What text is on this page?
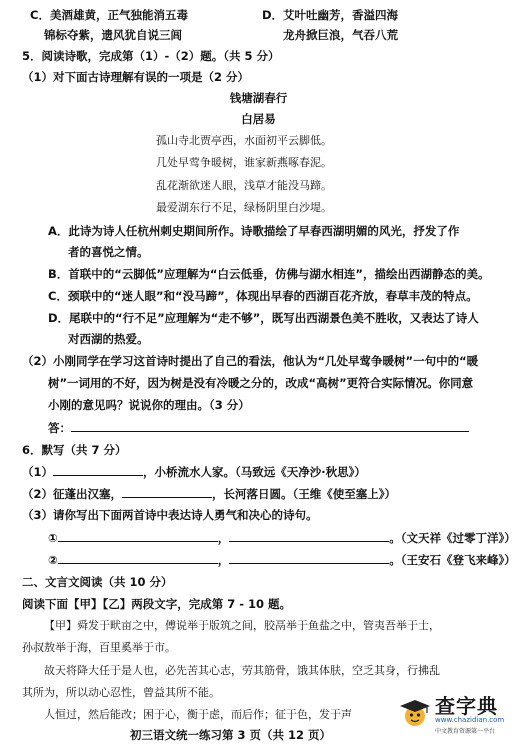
C．美酒雄黄，正气独能消五毒	D．艾叶吐幽芳，香溢四海
锦标夺紫，遗风犹自说三闾	龙舟掀巨浪，气吞八荒
5．阅读诗歌，完成第（1）-（2）题。（共 5 分）
（1）对下面古诗理解有误的一项是（2 分）
钱塘湖春行
白居易
孤山寺北贾亭西，水面初平云脚低。
几处早莺争暖树，谁家新燕啄春泥。
乱花渐欲迷人眼，浅草才能没马蹄。
最爱湖东行不足，绿杨阴里白沙堤。
A．此诗为诗人任杭州刺史期间所作。诗歌描绘了早春西湖明媚的风光，抒发了作
者的喜悦之情。
B．首联中的“云脚低”应理解为“白云低垂，仿佛与湖水相连”，描绘出西湖静态的美。
C．颈联中的“迷人眼”和“没马蹄”，体现出早春的西湖百花齐放，春草丰茂的特点。
D．尾联中的“行不足”应理解为“走不够”，既写出西湖景色美不胜收，又表达了诗人
对西湖的热爱。
（2）小刚同学在学习这首诗时提出了自己的看法，他认为“几处早莺争暖树”一句中的“暖
树”一词用的不好，因为树是没有冷暖之分的，改成“高树”更符合实际情况。你同意
小刚的意见吗？说说你的理由。（3 分）
答：
6．默写（共 7 分）
（1）	，小桥流水人家。（马致远《天净沙·秋思》）
（2）征蓬出汉塞，	，长河落日圆。（王维《使至塞上》）
（3）请你写出下面两首诗中表达诗人勇气和决心的诗句。
①	，	。（文天祥《过零丁洋》）
②	，	。（王安石《登飞来峰》）
二、文言文阅读（共 10 分）
阅读下面【甲】【乙】两段文字，完成第 7 - 10 题。
【甲】舜发于畎亩之中，傅说举于版筑之间，胶鬲举于鱼盐之中，管夷吾举于士，
孙叔敖举于海，百里奚举于市。
故天将降大任于是人也，必先苦其心志，劳其筋骨，饿其体肤，空乏其身，行拂乱
其所为，所以动心忍性，曾益其所不能。
人恒过，然后能改；困于心，衡于虑，而后作；征于色，发于声
初三语文统一练习第 3 页（共 12 页）
查字典
www.chazidian.com
中文教育资源第一平台
